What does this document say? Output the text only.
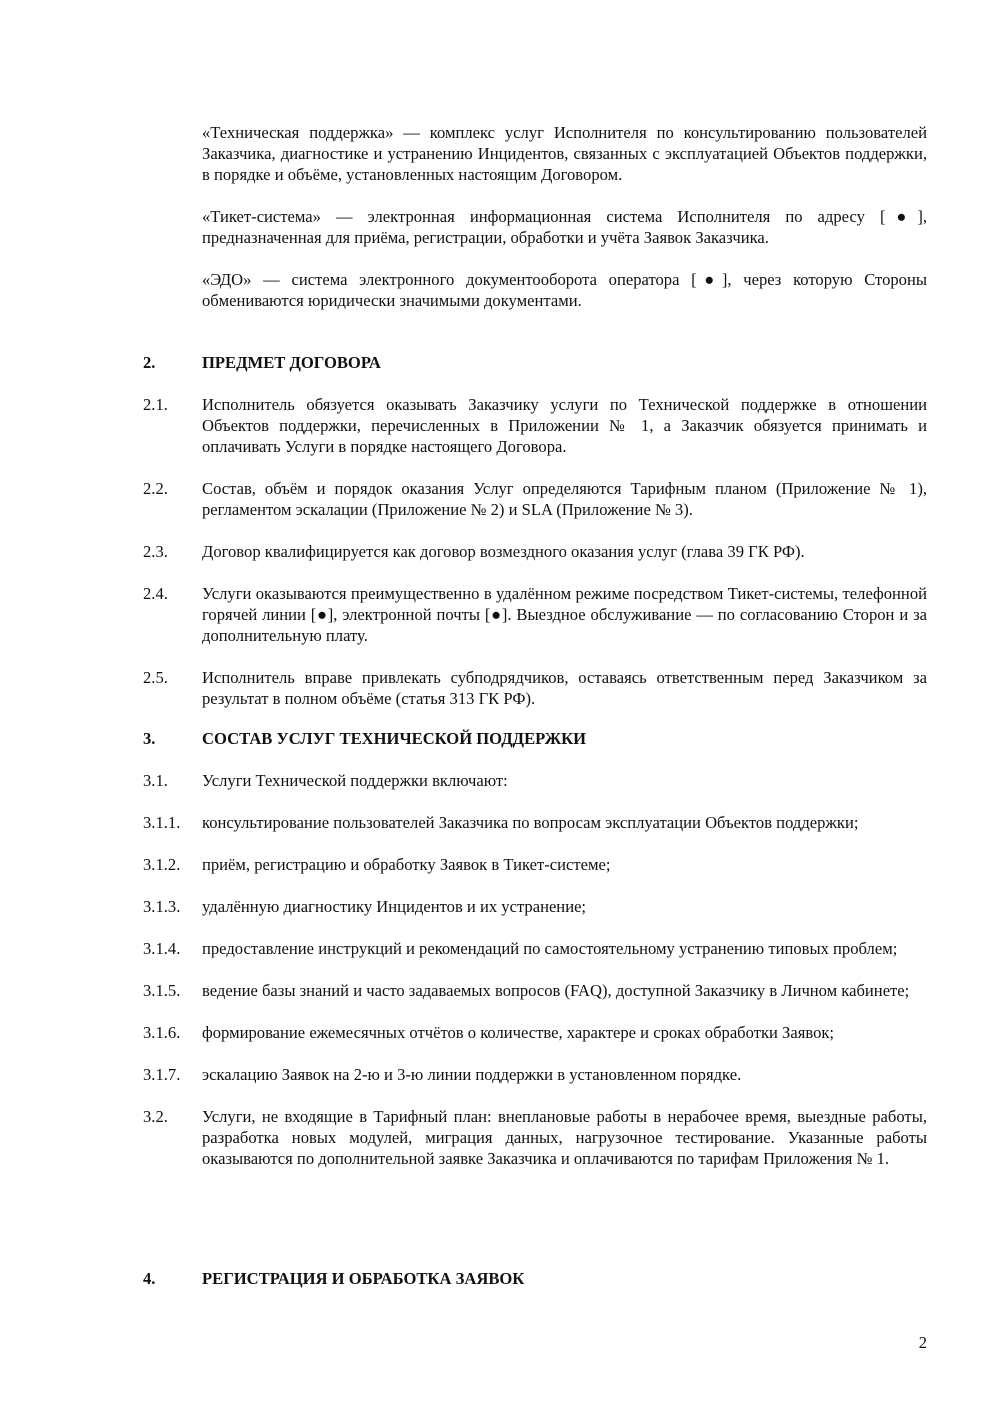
«Техническая поддержка» — комплекс услуг Исполнителя по консультированию пользователей Заказчика, диагностике и устранению Инцидентов, связанных с эксплуатацией Объектов поддержки, в порядке и объёме, установленных настоящим Договором.

«Тикет-система» — электронная информационная система Исполнителя по адресу [●], предназначенная для приёма, регистрации, обработки и учёта Заявок Заказчика.

«ЭДО» — система электронного документооборота оператора [●], через которую Стороны обмениваются юридически значимыми документами.

2.	ПРЕДМЕТ ДОГОВОРА
2.1.	Исполнитель обязуется оказывать Заказчику услуги по Технической поддержке в отношении Объектов поддержки, перечисленных в Приложении № 1, а Заказчик обязуется принимать и оплачивать Услуги в порядке настоящего Договора.
2.2.	Состав, объём и порядок оказания Услуг определяются Тарифным планом (Приложение № 1), регламентом эскалации (Приложение № 2) и SLA (Приложение № 3).
2.3.	Договор квалифицируется как договор возмездного оказания услуг (глава 39 ГК РФ).
2.4.	Услуги оказываются преимущественно в удалённом режиме посредством Тикет-системы, телефонной горячей линии [●], электронной почты [●]. Выездное обслуживание — по согласованию Сторон и за дополнительную плату.
2.5.	Исполнитель вправе привлекать субподрядчиков, оставаясь ответственным перед Заказчиком за результат в полном объёме (статья 313 ГК РФ).
3.	СОСТАВ УСЛУГ ТЕХНИЧЕСКОЙ ПОДДЕРЖКИ
3.1.	Услуги Технической поддержки включают:
3.1.1.	консультирование пользователей Заказчика по вопросам эксплуатации Объектов поддержки;
3.1.2.	приём, регистрацию и обработку Заявок в Тикет-системе;
3.1.3.	удалённую диагностику Инцидентов и их устранение;
3.1.4.	предоставление инструкций и рекомендаций по самостоятельному устранению типовых проблем;
3.1.5.	ведение базы знаний и часто задаваемых вопросов (FAQ), доступной Заказчику в Личном кабинете;
3.1.6.	формирование ежемесячных отчётов о количестве, характере и сроках обработки Заявок;
3.1.7.	эскалацию Заявок на 2-ю и 3-ю линии поддержки в установленном порядке.
3.2.	Услуги, не входящие в Тарифный план: внеплановые работы в нерабочее время, выездные работы, разработка новых модулей, миграция данных, нагрузочное тестирование. Указанные работы оказываются по дополнительной заявке Заказчика и оплачиваются по тарифам Приложения № 1.
4.	РЕГИСТРАЦИЯ И ОБРАБОТКА ЗАЯВОК
2
